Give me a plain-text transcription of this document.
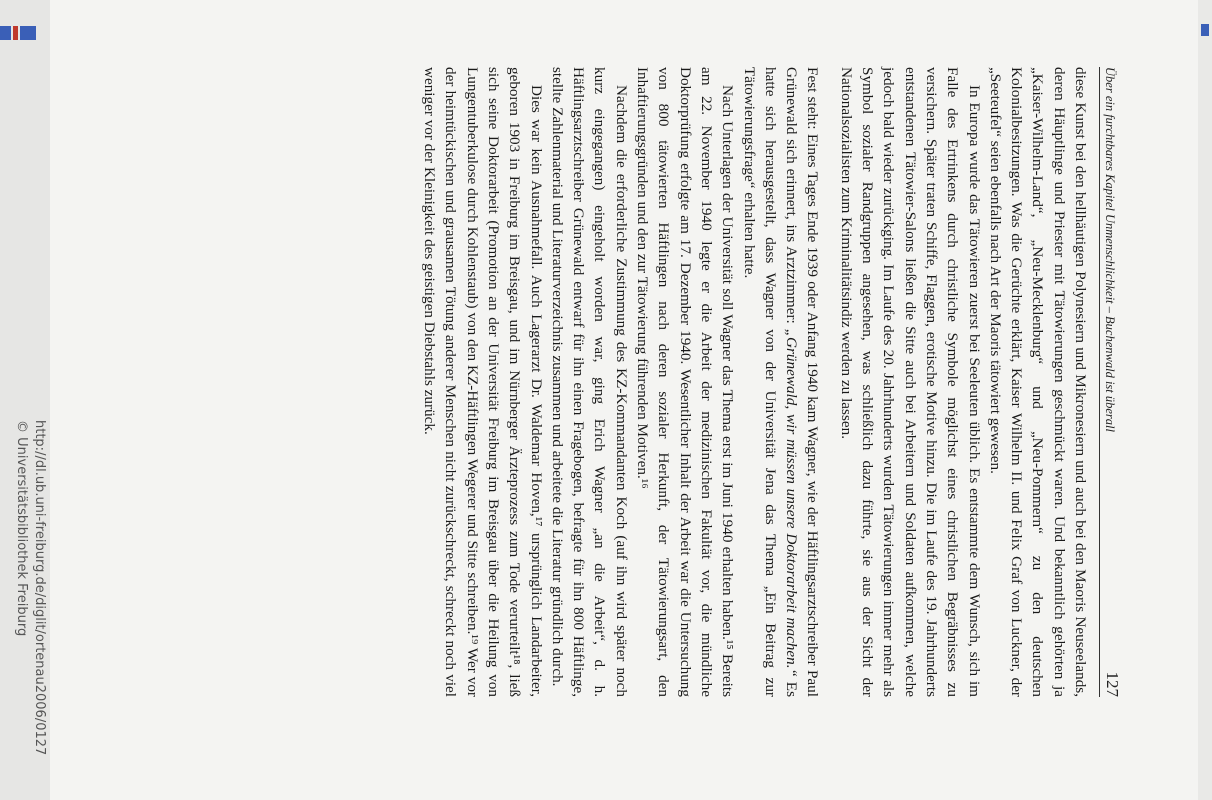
http://dl.ub.uni-freiburg.de/diglit/ortenau2006/0127
© Universitätsbibliothek Freiburg
Über ein furchtbares Kapitel Unmenschlichkeit – Buchenwald ist überall
127

diese Kunst bei den hellhäutigen Polynesiern und Mikronesiern und auch bei den Maoris Neuseelands, deren Häuptlinge und Priester mit Tätowierungen geschmückt waren. Und bekanntlich gehörten ja „Kaiser-Wilhelm-Land“, „Neu-Mecklenburg“ und „Neu-Pommern“ zu den deutschen Kolonialbesitzungen. Was die Gerüchte erklärt, Kaiser Wilhelm II. und Felix Graf von Luckner, der „Seeteufel“ seien ebenfalls nach Art der Maoris tätowiert gewesen.

In Europa wurde das Tätowieren zuerst bei Seeleuten üblich. Es entstammte dem Wunsch, sich im Falle des Ertrinkens durch christliche Symbole möglichst eines christlichen Begräbnisses zu versichern. Später traten Schiffe, Flaggen, erotische Motive hinzu. Die im Laufe des 19. Jahrhunderts entstandenen Tätowier-Salons ließen die Sitte auch bei Arbeitern und Soldaten aufkommen, welche jedoch bald wieder zurückging. Im Laufe des 20. Jahrhunderts wurden Tätowierungen immer mehr als Symbol sozialer Randgruppen angesehen, was schließlich dazu führte, sie aus der Sicht der Nationalsozialisten zum Kriminalitätsindiz werden zu lassen.

Fest steht: Eines Tages Ende 1939 oder Anfang 1940 kam Wagner, wie der Häftlingsarztschreiber Paul Grünewald sich erinnert, ins Arztzimmer: „Grünewald, wir müssen unsere Doktorarbeit machen.“ Es hatte sich herausgestellt, dass Wagner von der Universität Jena das Thema „Ein Beitrag zur Tätowierungsfrage“ erhalten hatte.

Nach Unterlagen der Universität soll Wagner das Thema erst im Juni 1940 erhalten haben.¹⁵ Bereits am 22. November 1940 legte er die Arbeit der medizinischen Fakultät vor, die mündliche Doktorprüfung erfolgte am 17. Dezember 1940. Wesentlicher Inhalt der Arbeit war die Untersuchung von 800 tätowierten Häftlingen nach deren sozialer Herkunft, der Tätowierungsart, den Inhaftierungsgründen und den zur Tätowierung führenden Motiven.¹⁶

Nachdem die erforderliche Zustimmung des KZ-Kommandanten Koch (auf ihn wird später noch kurz eingegangen) eingeholt worden war, ging Erich Wagner „an die Arbeit“, d. h. Häftlingsarztschreiber Grünewald entwarf für ihn einen Fragebogen, befragte für ihn 800 Häftlinge, stellte Zahlenmaterial und Literaturverzeichnis zusammen und arbeitete die Literatur gründlich durch.

Dies war kein Ausnahmefall. Auch Lagerarzt Dr. Waldemar Hoven,¹⁷ ursprünglich Landarbeiter, geboren 1903 in Freiburg im Breisgau, und im Nürnberger Ärzteprozess zum Tode verurteilt¹⁸, ließ sich seine Doktorarbeit (Promotion an der Universität Freiburg im Breisgau über die Heilung von Lungentuberkulose durch Kohlenstaub) von den KZ-Häftlingen Wegerer und Sitte schreiben.¹⁹ Wer vor der heimtückischen und grausamen Tötung anderer Menschen nicht zurückschreckt, schreckt noch viel weniger vor der Kleinigkeit des geistigen Diebstahls zurück.
